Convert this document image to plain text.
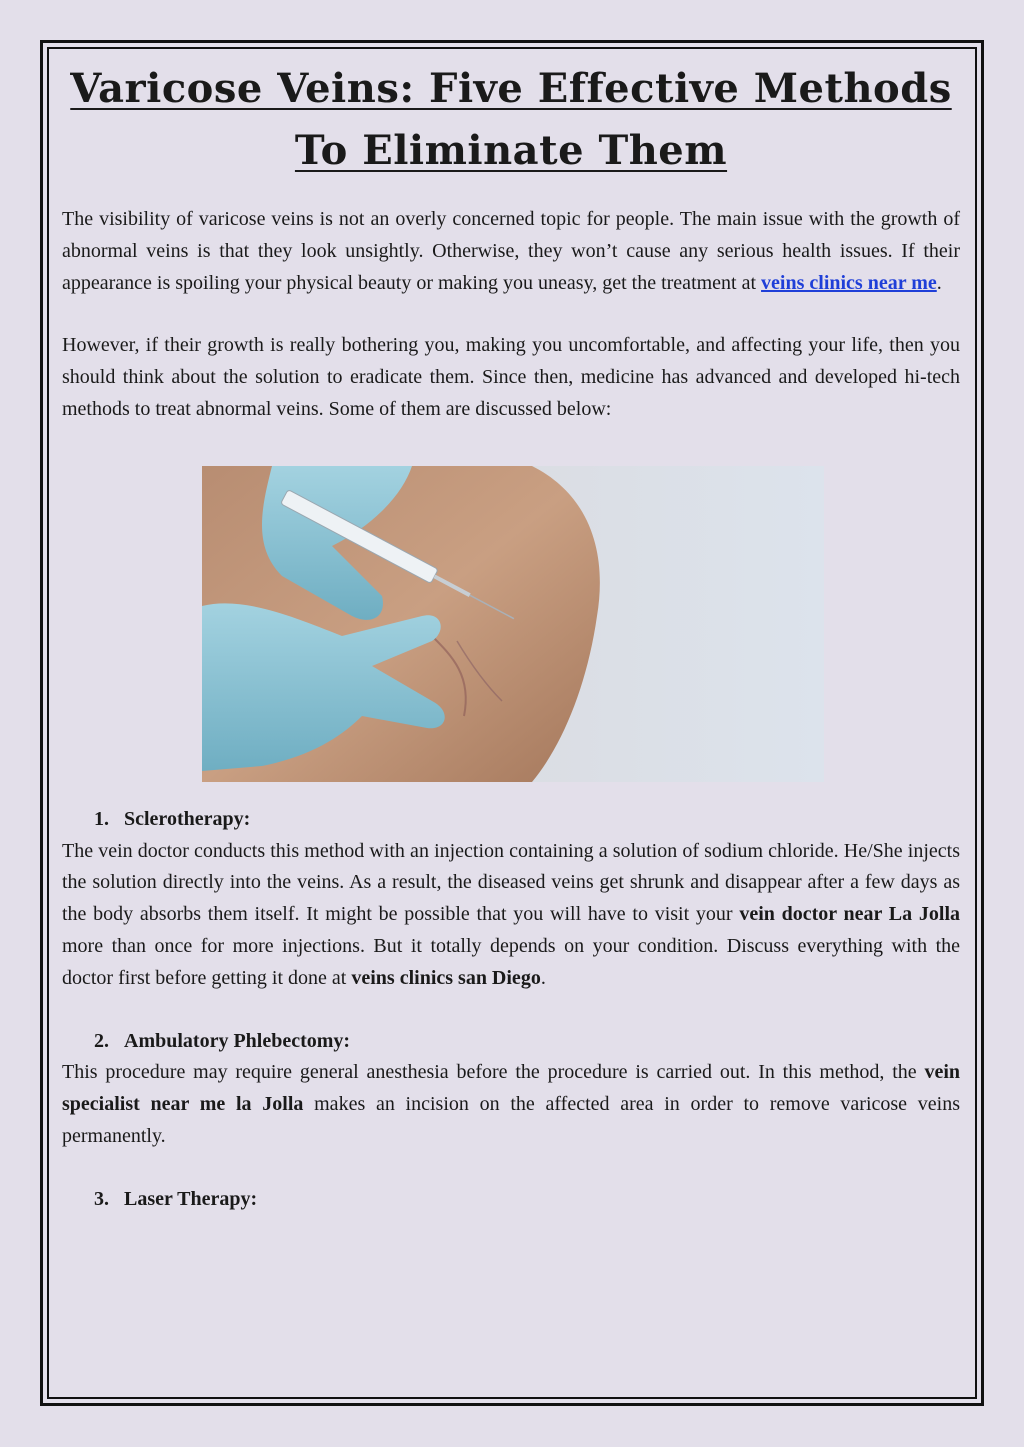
Varicose Veins: Five Effective Methods
To Eliminate Them

The visibility of varicose veins is not an overly concerned topic for people. The main issue with the growth of abnormal veins is that they look unsightly. Otherwise, they won’t cause any serious health issues. If their appearance is spoiling your physical beauty or making you uneasy, get the treatment at veins clinics near me.

However, if their growth is really bothering you, making you uncomfortable, and affecting your life, then you should think about the solution to eradicate them. Since then, medicine has advanced and developed hi-tech methods to treat abnormal veins. Some of them are discussed below:

1. Sclerotherapy:

The vein doctor conducts this method with an injection containing a solution of sodium chloride. He/She injects the solution directly into the veins. As a result, the diseased veins get shrunk and disappear after a few days as the body absorbs them itself. It might be possible that you will have to visit your vein doctor near La Jolla more than once for more injections. But it totally depends on your condition. Discuss everything with the doctor first before getting it done at veins clinics san Diego.

2. Ambulatory Phlebectomy:

This procedure may require general anesthesia before the procedure is carried out. In this method, the vein specialist near me la Jolla makes an incision on the affected area in order to remove varicose veins permanently.

3. Laser Therapy:
